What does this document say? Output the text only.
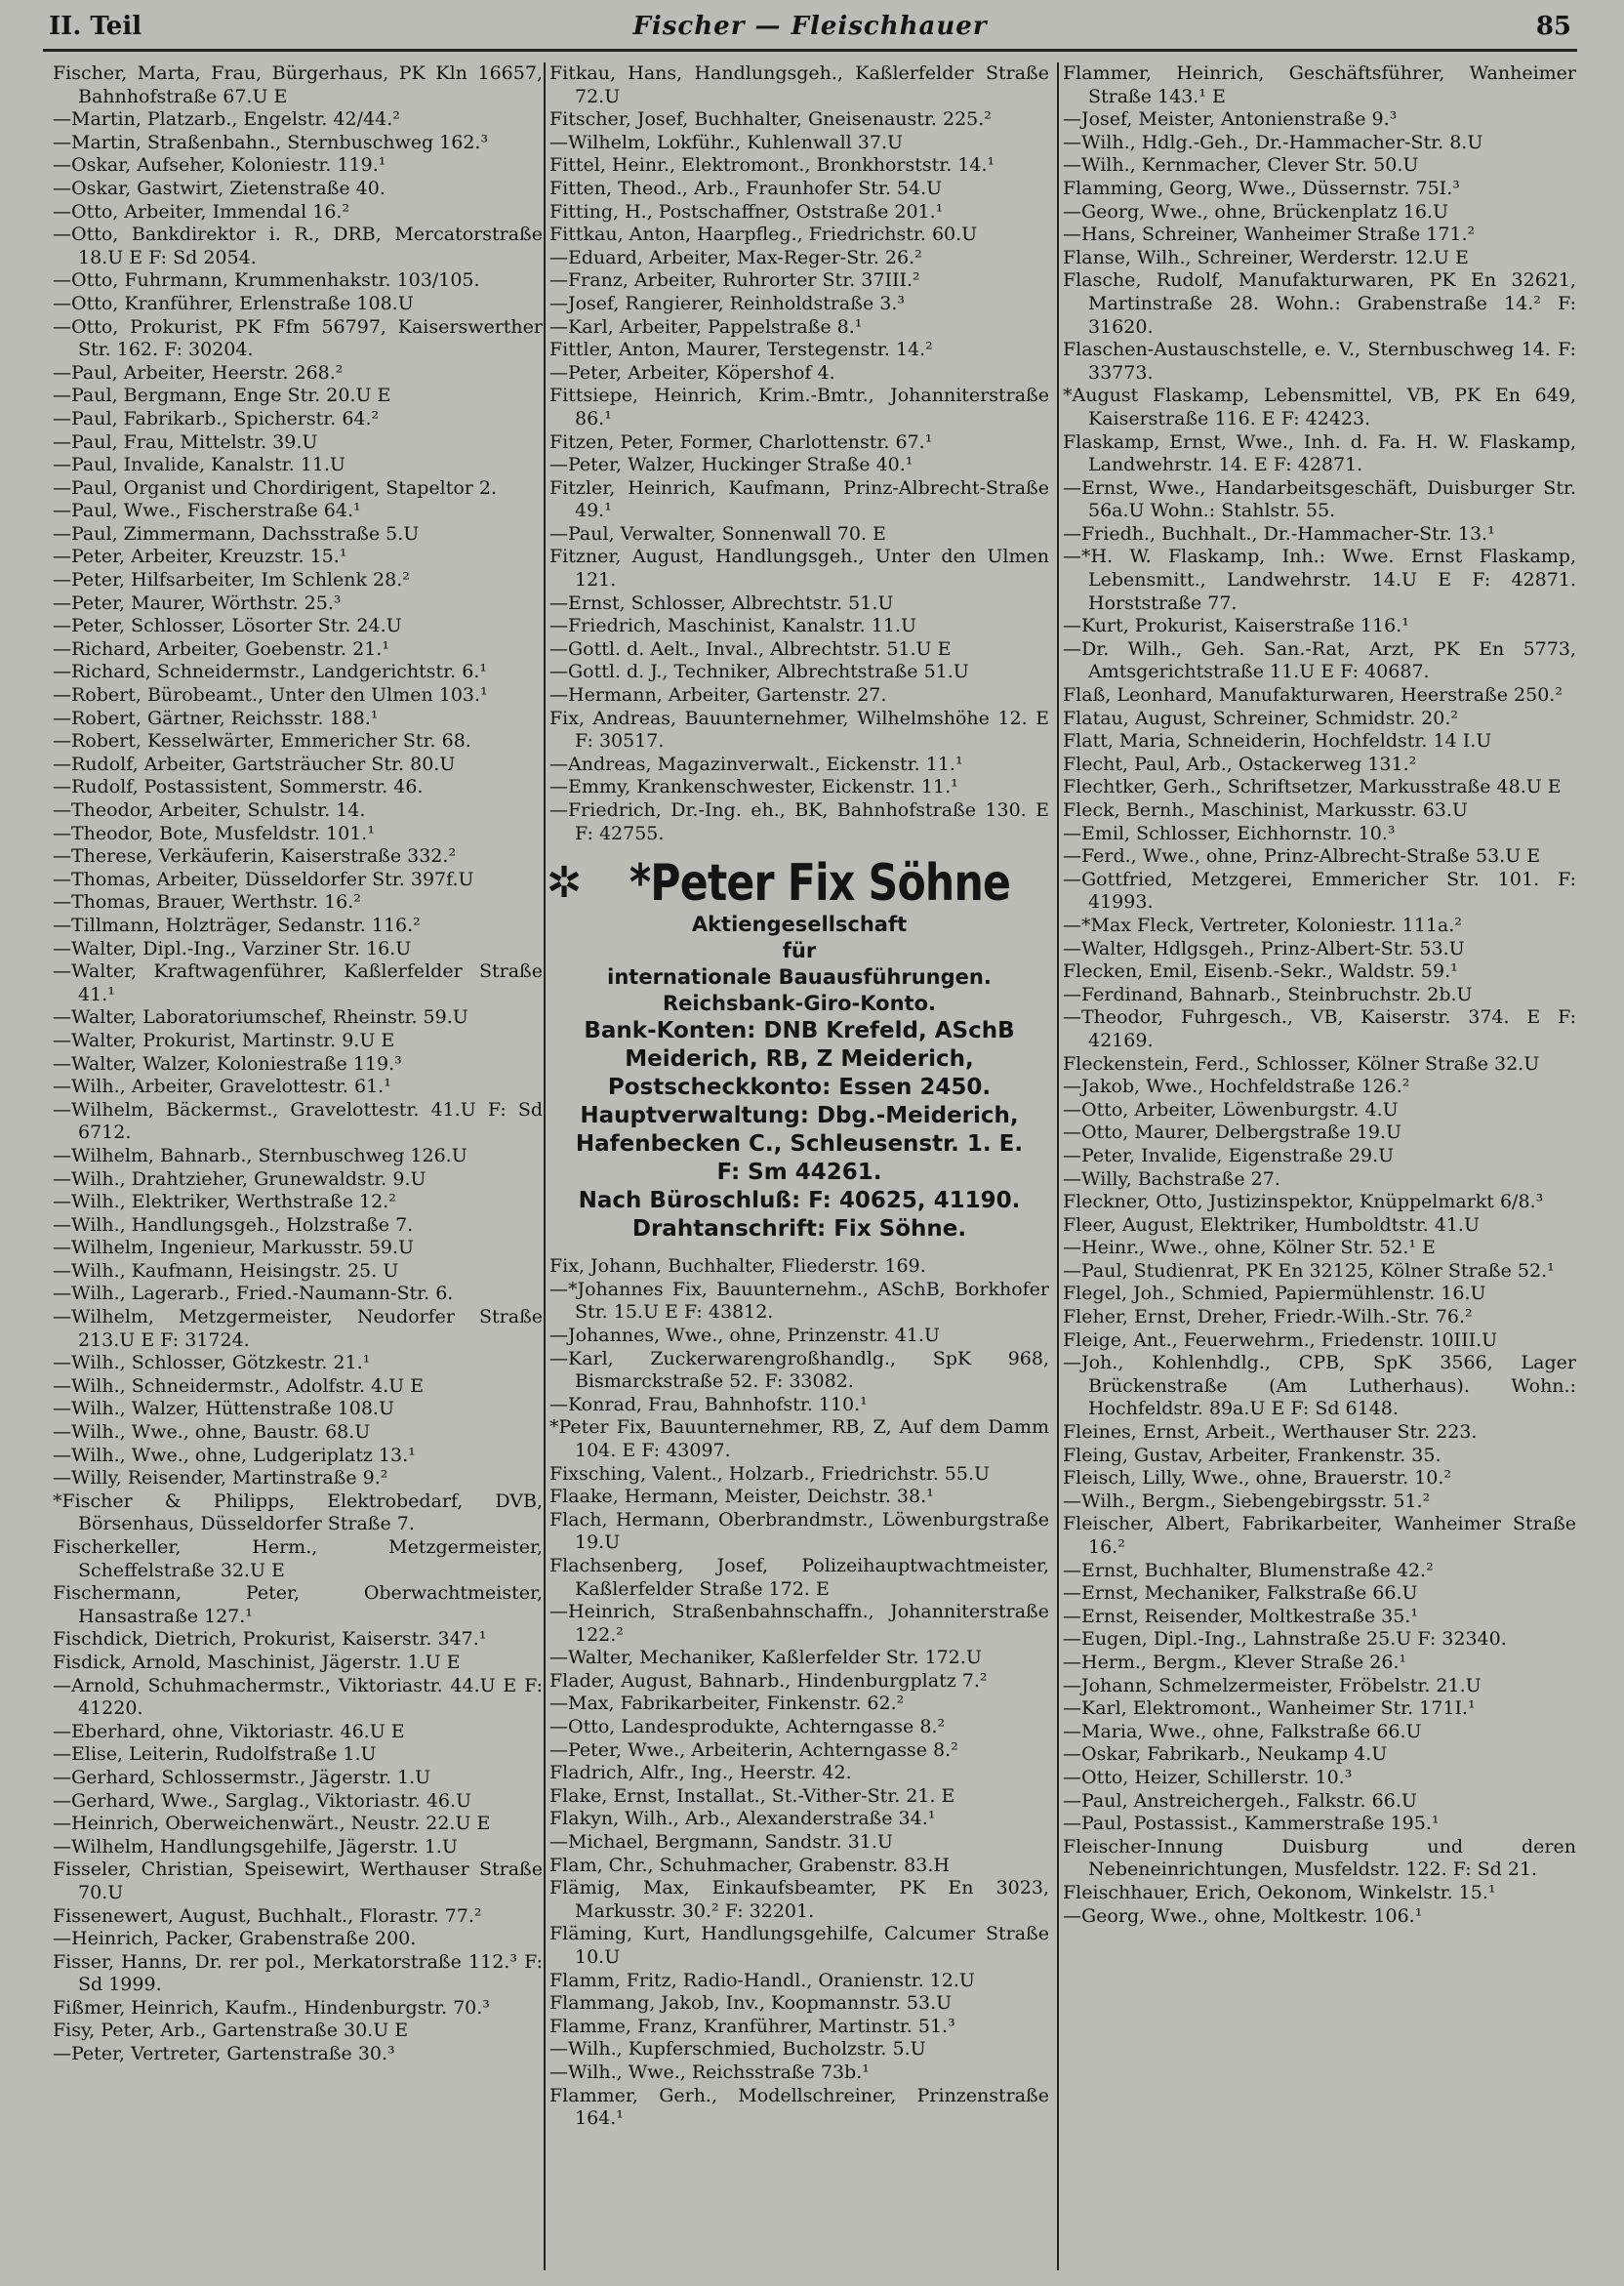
II. Teil	Fischer — Fleischhauer	85
Fischer, Marta, Frau, Bürgerhaus, PK Kln 16657, Bahnhofstraße 67.U E
—Martin, Platzarb., Engelstr. 42/44.²
—Martin, Straßenbahn., Sternbuschweg 162.³
—Oskar, Aufseher, Koloniestr. 119.¹
—Oskar, Gastwirt, Zietenstraße 40.
—Otto, Arbeiter, Immendal 16.²
—Otto, Bankdirektor i. R., DRB, Mercatorstraße 18.U E F: Sd 2054.
—Otto, Fuhrmann, Krummenhakstr. 103/105.
—Otto, Kranführer, Erlenstraße 108.U
—Otto, Prokurist, PK Ffm 56797, Kaiserswerther Str. 162. F: 30204.
—Paul, Arbeiter, Heerstr. 268.²
—Paul, Bergmann, Enge Str. 20.U E
—Paul, Fabrikarb., Spicherstr. 64.²
—Paul, Frau, Mittelstr. 39.U
—Paul, Invalide, Kanalstr. 11.U
—Paul, Organist und Chordirigent, Stapeltor 2.
—Paul, Wwe., Fischerstraße 64.¹
—Paul, Zimmermann, Dachsstraße 5.U
—Peter, Arbeiter, Kreuzstr. 15.¹
—Peter, Hilfsarbeiter, Im Schlenk 28.²
—Peter, Maurer, Wörthstr. 25.³
—Peter, Schlosser, Lösorter Str. 24.U
—Richard, Arbeiter, Goebenstr. 21.¹
—Richard, Schneidermstr., Landgerichtstr. 6.¹
—Robert, Bürobeamt., Unter den Ulmen 103.¹
—Robert, Gärtner, Reichsstr. 188.¹
—Robert, Kesselwärter, Emmericher Str. 68.
—Rudolf, Arbeiter, Gartsträucher Str. 80.U
—Rudolf, Postassistent, Sommerstr. 46.
—Theodor, Arbeiter, Schulstr. 14.
—Theodor, Bote, Musfeldstr. 101.¹
—Therese, Verkäuferin, Kaiserstraße 332.²
—Thomas, Arbeiter, Düsseldorfer Str. 397f.U
—Thomas, Brauer, Werthstr. 16.²
—Tillmann, Holzträger, Sedanstr. 116.²
—Walter, Dipl.-Ing., Varziner Str. 16.U
—Walter, Kraftwagenführer, Kaßlerfelder Straße 41.¹
—Walter, Laboratoriumschef, Rheinstr. 59.U
—Walter, Prokurist, Martinstr. 9.U E
—Walter, Walzer, Koloniestraße 119.³
—Wilh., Arbeiter, Gravelottestr. 61.¹
—Wilhelm, Bäckermst., Gravelottestr. 41.U F: Sd 6712.
—Wilhelm, Bahnarb., Sternbuschweg 126.U
—Wilh., Drahtzieher, Grunewaldstr. 9.U
—Wilh., Elektriker, Werthstraße 12.²
—Wilh., Handlungsgeh., Holzstraße 7.
—Wilhelm, Ingenieur, Markusstr. 59.U
—Wilh., Kaufmann, Heisingstr. 25. U
—Wilh., Lagerarb., Fried.-Naumann-Str. 6.
—Wilhelm, Metzgermeister, Neudorfer Straße 213.U E F: 31724.
—Wilh., Schlosser, Götzkestr. 21.¹
—Wilh., Schneidermstr., Adolfstr. 4.U E
—Wilh., Walzer, Hüttenstraße 108.U
—Wilh., Wwe., ohne, Baustr. 68.U
—Wilh., Wwe., ohne, Ludgeriplatz 13.¹
—Willy, Reisender, Martinstraße 9.²
*Fischer & Philipps, Elektrobedarf, DVB, Börsenhaus, Düsseldorfer Straße 7.
Fischerkeller, Herm., Metzgermeister, Scheffelstraße 32.U E
Fischermann, Peter, Oberwachtmeister, Hansastraße 127.¹
Fischdick, Dietrich, Prokurist, Kaiserstr. 347.¹
Fisdick, Arnold, Maschinist, Jägerstr. 1.U E
—Arnold, Schuhmachermstr., Viktoriastr. 44.U E F: 41220.
—Eberhard, ohne, Viktoriastr. 46.U E
—Elise, Leiterin, Rudolfstraße 1.U
—Gerhard, Schlossermstr., Jägerstr. 1.U
—Gerhard, Wwe., Sarglag., Viktoriastr. 46.U
—Heinrich, Oberweichenwärt., Neustr. 22.U E
—Wilhelm, Handlungsgehilfe, Jägerstr. 1.U
Fisseler, Christian, Speisewirt, Werthauser Straße 70.U
Fissenewert, August, Buchhalt., Florastr. 77.²
—Heinrich, Packer, Grabenstraße 200.
Fisser, Hanns, Dr. rer pol., Merkatorstraße 112.³ F: Sd 1999.
Fißmer, Heinrich, Kaufm., Hindenburgstr. 70.³
Fisy, Peter, Arb., Gartenstraße 30.U E
—Peter, Vertreter, Gartenstraße 30.³
Fitkau, Hans, Handlungsgeh., Kaßlerfelder Straße 72.U
Fitscher, Josef, Buchhalter, Gneisenaustr. 225.²
—Wilhelm, Lokführ., Kuhlenwall 37.U
Fittel, Heinr., Elektromont., Bronkhorststr. 14.¹
Fitten, Theod., Arb., Fraunhofer Str. 54.U
Fitting, H., Postschaffner, Oststraße 201.¹
Fittkau, Anton, Haarpfleg., Friedrichstr. 60.U
—Eduard, Arbeiter, Max-Reger-Str. 26.²
—Franz, Arbeiter, Ruhrorter Str. 37III.²
—Josef, Rangierer, Reinholdstraße 3.³
—Karl, Arbeiter, Pappelstraße 8.¹
Fittler, Anton, Maurer, Terstegenstr. 14.²
—Peter, Arbeiter, Köpershof 4.
Fittsiepe, Heinrich, Krim.-Bmtr., Johanniterstraße 86.¹
Fitzen, Peter, Former, Charlottenstr. 67.¹
—Peter, Walzer, Huckinger Straße 40.¹
Fitzler, Heinrich, Kaufmann, Prinz-Albrecht-Straße 49.¹
—Paul, Verwalter, Sonnenwall 70. E
Fitzner, August, Handlungsgeh., Unter den Ulmen 121.
—Ernst, Schlosser, Albrechtstr. 51.U
—Friedrich, Maschinist, Kanalstr. 11.U
—Gottl. d. Aelt., Inval., Albrechtstr. 51.U E
—Gottl. d. J., Techniker, Albrechtstraße 51.U
—Hermann, Arbeiter, Gartenstr. 27.
Fix, Andreas, Bauunternehmer, Wilhelmshöhe 12. E F: 30517.
—Andreas, Magazinverwalt., Eickenstr. 11.¹
—Emmy, Krankenschwester, Eickenstr. 11.¹
—Friedrich, Dr.-Ing. eh., BK, Bahnhofstraße 130. E F: 42755.
✲ *Peter Fix Söhne
Aktiengesellschaft
für
internationale Bauausführungen.
Reichsbank-Giro-Konto.
Bank-Konten: DNB Krefeld, ASchB
Meiderich, RB, Z Meiderich,
Postscheckkonto: Essen 2450.
Hauptverwaltung: Dbg.-Meiderich,
Hafenbecken C., Schleusenstr. 1. E.
F: Sm 44261.
Nach Büroschluß: F: 40625, 41190.
Drahtanschrift: Fix Söhne.
Fix, Johann, Buchhalter, Fliederstr. 169.
—*Johannes Fix, Bauunternehm., ASchB, Borkhofer Str. 15.U E F: 43812.
—Johannes, Wwe., ohne, Prinzenstr. 41.U
—Karl, Zuckerwarengroßhandlg., SpK 968, Bismarckstraße 52. F: 33082.
—Konrad, Frau, Bahnhofstr. 110.¹
*Peter Fix, Bauunternehmer, RB, Z, Auf dem Damm 104. E F: 43097.
Fixsching, Valent., Holzarb., Friedrichstr. 55.U
Flaake, Hermann, Meister, Deichstr. 38.¹
Flach, Hermann, Oberbrandmstr., Löwenburgstraße 19.U
Flachsenberg, Josef, Polizeihauptwachtmeister, Kaßlerfelder Straße 172. E
—Heinrich, Straßenbahnschaffn., Johanniterstraße 122.²
—Walter, Mechaniker, Kaßlerfelder Str. 172.U
Flader, August, Bahnarb., Hindenburgplatz 7.²
—Max, Fabrikarbeiter, Finkenstr. 62.²
—Otto, Landesprodukte, Achterngasse 8.²
—Peter, Wwe., Arbeiterin, Achterngasse 8.²
Fladrich, Alfr., Ing., Heerstr. 42.
Flake, Ernst, Installat., St.-Vither-Str. 21. E
Flakyn, Wilh., Arb., Alexanderstraße 34.¹
—Michael, Bergmann, Sandstr. 31.U
Flam, Chr., Schuhmacher, Grabenstr. 83.H
Flämig, Max, Einkaufsbeamter, PK En 3023, Markusstr. 30.² F: 32201.
Fläming, Kurt, Handlungsgehilfe, Calcumer Straße 10.U
Flamm, Fritz, Radio-Handl., Oranienstr. 12.U
Flammang, Jakob, Inv., Koopmannstr. 53.U
Flamme, Franz, Kranführer, Martinstr. 51.³
—Wilh., Kupferschmied, Bucholzstr. 5.U
—Wilh., Wwe., Reichsstraße 73b.¹
Flammer, Gerh., Modellschreiner, Prinzenstraße 164.¹
Flammer, Heinrich, Geschäftsführer, Wanheimer Straße 143.¹ E
—Josef, Meister, Antonienstraße 9.³
—Wilh., Hdlg.-Geh., Dr.-Hammacher-Str. 8.U
—Wilh., Kernmacher, Clever Str. 50.U
Flamming, Georg, Wwe., Düssernstr. 75I.³
—Georg, Wwe., ohne, Brückenplatz 16.U
—Hans, Schreiner, Wanheimer Straße 171.²
Flanse, Wilh., Schreiner, Werderstr. 12.U E
Flasche, Rudolf, Manufakturwaren, PK En 32621, Martinstraße 28. Wohn.: Grabenstraße 14.² F: 31620.
Flaschen-Austauschstelle, e. V., Sternbuschweg 14. F: 33773.
*August Flaskamp, Lebensmittel, VB, PK En 649, Kaiserstraße 116. E F: 42423.
Flaskamp, Ernst, Wwe., Inh. d. Fa. H. W. Flaskamp, Landwehrstr. 14. E F: 42871.
—Ernst, Wwe., Handarbeitsgeschäft, Duisburger Str. 56a.U Wohn.: Stahlstr. 55.
—Friedh., Buchhalt., Dr.-Hammacher-Str. 13.¹
—*H. W. Flaskamp, Inh.: Wwe. Ernst Flaskamp, Lebensmitt., Landwehrstr. 14.U E F: 42871. Horststraße 77.
—Kurt, Prokurist, Kaiserstraße 116.¹
—Dr. Wilh., Geh. San.-Rat, Arzt, PK En 5773, Amtsgerichtstraße 11.U E F: 40687.
Flaß, Leonhard, Manufakturwaren, Heerstraße 250.²
Flatau, August, Schreiner, Schmidstr. 20.²
Flatt, Maria, Schneiderin, Hochfeldstr. 14 I.U
Flecht, Paul, Arb., Ostackerweg 131.²
Flechtker, Gerh., Schriftsetzer, Markusstraße 48.U E
Fleck, Bernh., Maschinist, Markusstr. 63.U
—Emil, Schlosser, Eichhornstr. 10.³
—Ferd., Wwe., ohne, Prinz-Albrecht-Straße 53.U E
—Gottfried, Metzgerei, Emmericher Str. 101. F: 41993.
—*Max Fleck, Vertreter, Koloniestr. 111a.²
—Walter, Hdlgsgeh., Prinz-Albert-Str. 53.U
Flecken, Emil, Eisenb.-Sekr., Waldstr. 59.¹
—Ferdinand, Bahnarb., Steinbruchstr. 2b.U
—Theodor, Fuhrgesch., VB, Kaiserstr. 374. E F: 42169.
Fleckenstein, Ferd., Schlosser, Kölner Straße 32.U
—Jakob, Wwe., Hochfeldstraße 126.²
—Otto, Arbeiter, Löwenburgstr. 4.U
—Otto, Maurer, Delbergstraße 19.U
—Peter, Invalide, Eigenstraße 29.U
—Willy, Bachstraße 27.
Fleckner, Otto, Justizinspektor, Knüppelmarkt 6/8.³
Fleer, August, Elektriker, Humboldtstr. 41.U
—Heinr., Wwe., ohne, Kölner Str. 52.¹ E
—Paul, Studienrat, PK En 32125, Kölner Straße 52.¹
Flegel, Joh., Schmied, Papiermühlenstr. 16.U
Fleher, Ernst, Dreher, Friedr.-Wilh.-Str. 76.²
Fleige, Ant., Feuerwehrm., Friedenstr. 10III.U
—Joh., Kohlenhdlg., CPB, SpK 3566, Lager Brückenstraße (Am Lutherhaus). Wohn.: Hochfeldstr. 89a.U E F: Sd 6148.
Fleines, Ernst, Arbeit., Werthauser Str. 223.
Fleing, Gustav, Arbeiter, Frankenstr. 35.
Fleisch, Lilly, Wwe., ohne, Brauerstr. 10.²
—Wilh., Bergm., Siebengebirgsstr. 51.²
Fleischer, Albert, Fabrikarbeiter, Wanheimer Straße 16.²
—Ernst, Buchhalter, Blumenstraße 42.²
—Ernst, Mechaniker, Falkstraße 66.U
—Ernst, Reisender, Moltkestraße 35.¹
—Eugen, Dipl.-Ing., Lahnstraße 25.U F: 32340.
—Herm., Bergm., Klever Straße 26.¹
—Johann, Schmelzermeister, Fröbelstr. 21.U
—Karl, Elektromont., Wanheimer Str. 171I.¹
—Maria, Wwe., ohne, Falkstraße 66.U
—Oskar, Fabrikarb., Neukamp 4.U
—Otto, Heizer, Schillerstr. 10.³
—Paul, Anstreichergeh., Falkstr. 66.U
—Paul, Postassist., Kammerstraße 195.¹
Fleischer-Innung Duisburg und deren Nebeneinrichtungen, Musfeldstr. 122. F: Sd 21.
Fleischhauer, Erich, Oekonom, Winkelstr. 15.¹
—Georg, Wwe., ohne, Moltkestr. 106.¹
